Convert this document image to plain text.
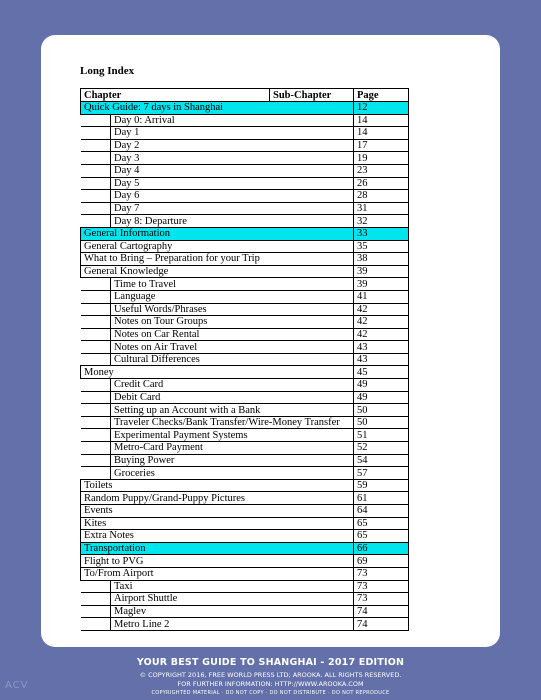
Long Index
Chapter		Sub-Chapter	Page
Quick Guide: 7 days in Shanghai			12
	Day 0: Arrival		14
	Day 1		14
	Day 2		17
	Day 3		19
	Day 4		23
	Day 5		26
	Day 6		28
	Day 7		31
	Day 8: Departure		32
General Information			33
General Cartography			35
What to Bring – Preparation for your Trip			38
General Knowledge			39
	Time to Travel		39
	Language		41
	Useful Words/Phrases		42
	Notes on Tour Groups		42
	Notes on Car Rental		42
	Notes on Air Travel		43
	Cultural Differences		43
Money			45
	Credit Card		49
	Debit Card		49
	Setting up an Account with a Bank		50
	Traveler Checks/Bank Transfer/Wire-Money Transfer		50
	Experimental Payment Systems		51
	Metro-Card Payment		52
	Buying Power		54
	Groceries		57
Toilets			59
Random Puppy/Grand-Puppy Pictures			61
Events			64
Kites			65
Extra Notes			65
Transportation			66
Flight to PVG			69
To/From Airport			73
	Taxi		73
	Airport Shuttle		73
	Maglev		74
	Metro Line 2		74
YOUR BEST GUIDE TO SHANGHAI - 2017 EDITION
© COPYRIGHT 2016, FREE WORLD PRESS LTD; AROOKA. ALL RIGHTS RESERVED.
FOR FURTHER INFORMATION: HTTP://WWW.AROOKA.COM
COPYRIGHTED MATERIAL · DO NOT COPY · DO NOT DISTRIBUTE · DO NOT REPRODUCE
ACV
